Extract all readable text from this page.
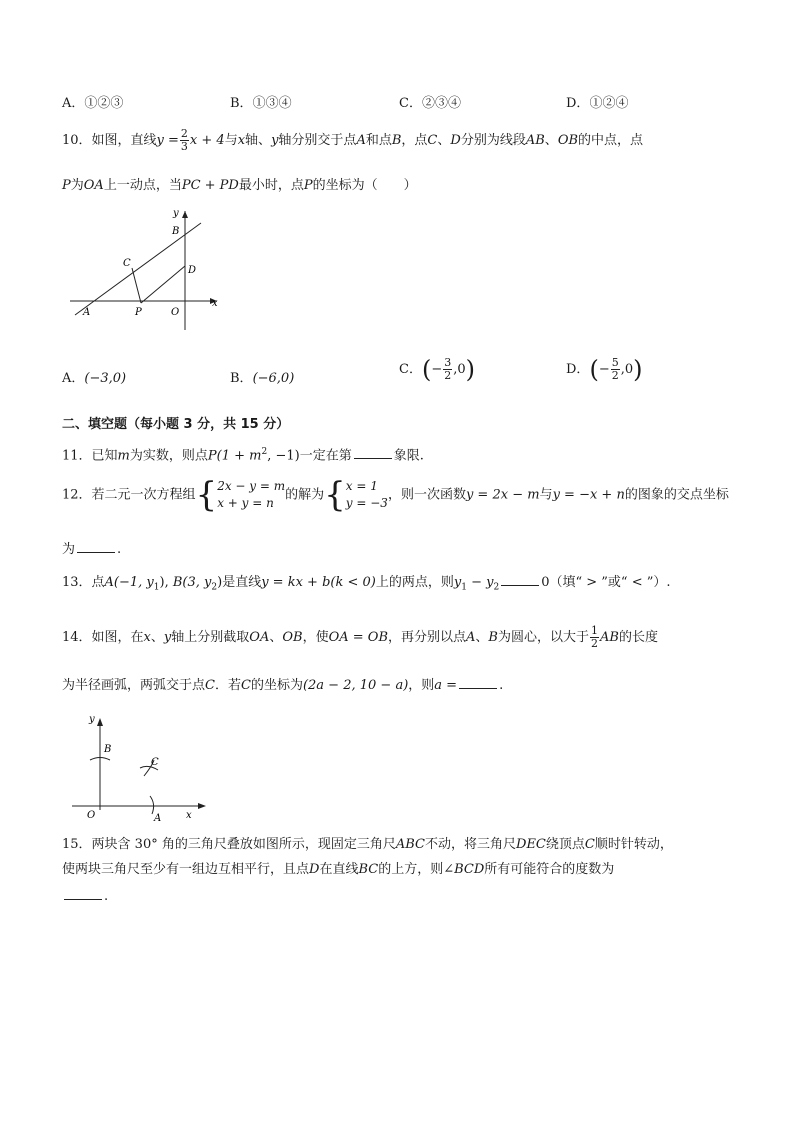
A．①②③	B．①③④	C．②③④	D．①②④
10．如图，直线$y = \frac{2}{3}$ x + 4与x轴、y轴分别交于点A和点B，点C、D分别为线段AB、OB的中点，点
P为OA上一动点，当PC + PD最小时，点P的坐标为（　　）
y
B
C
D
A	P	O
x
A．(−3,0)	B．(−6,0)
C．(− $\frac{3}{2} ,0$)	D．(− $\frac{5}{2} ,0$)
二、填空题（每小题 3 分，共 15 分）
11．已知m为实数，则点$P(1 + m^2$, −1)一定在第	象限.
12．若二元一次方程组 { 2x − y = m
x + y = n
的解为 { x = 1
y = −3
，则一次函数y = 2x − m与y = −x + n的图象的交点坐标
为	.
13．点A(−1, $y_1$), B(3, $y_2$)是直线y = kx + b(k < 0)上的两点，则$y_1 - y_2$	0（填“ > ”或“ < ”）.
14．如图，在x、y轴上分别截取OA、OB，使OA = OB，再分别以点A、B为圆心，以大于 $\frac{1}{2}$ AB的长度
为半径画弧，两弧交于点C．若C的坐标为(2a − 2, 10 − a)，则a =	.
y
B
C
O	A x
15．两块含 30° 角的三角尺叠放如图所示，现固定三角尺ABC不动，将三角尺DEC绕顶点C顺时针转动，
使两块三角尺至少有一组边互相平行，且点D在直线BC的上方，则∠BCD所有可能符合的度数为
.
